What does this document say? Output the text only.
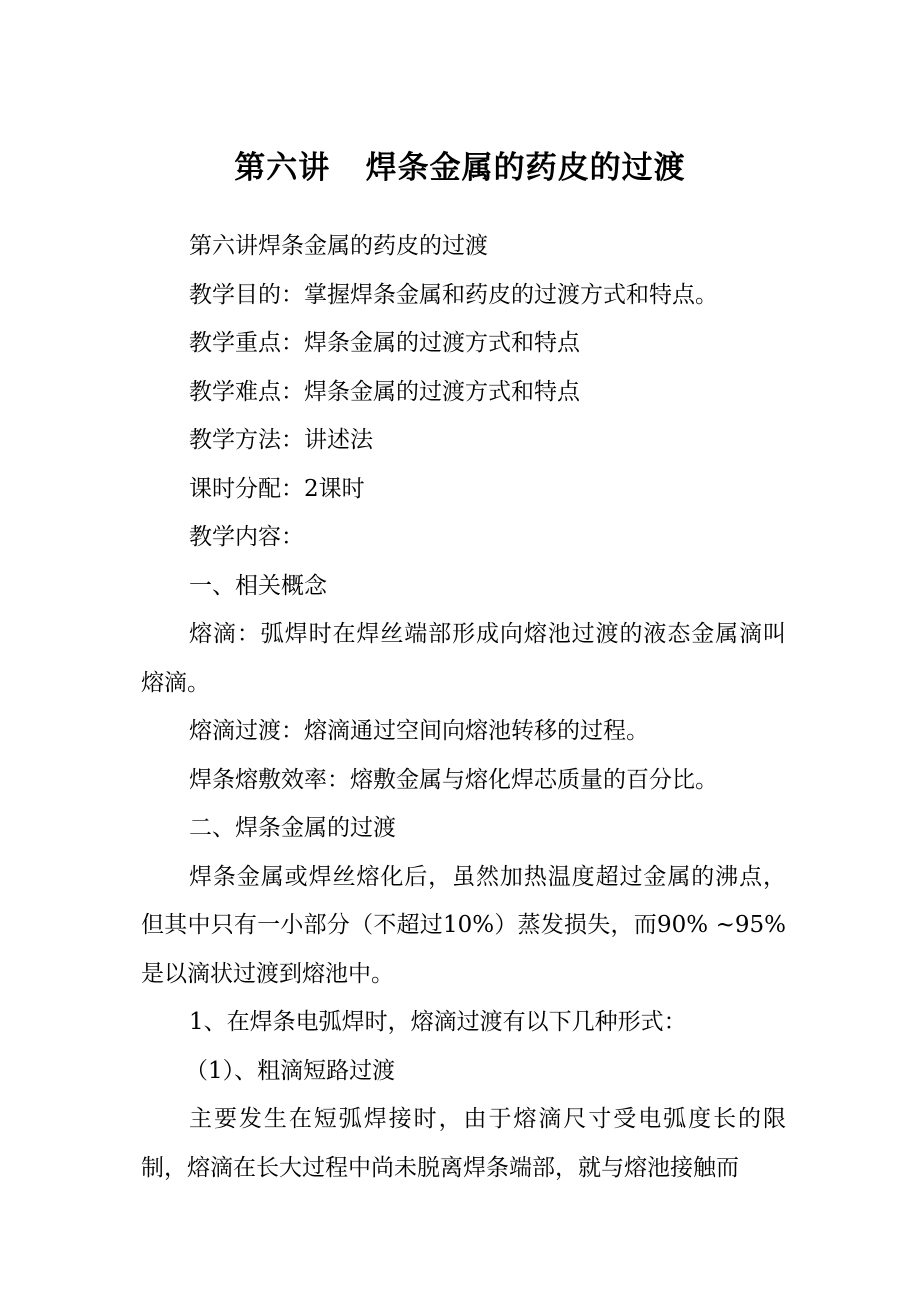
第六讲   焊条金属的药皮的过渡

第六讲焊条金属的药皮的过渡

教学目的：掌握焊条金属和药皮的过渡方式和特点。

教学重点：焊条金属的过渡方式和特点

教学难点：焊条金属的过渡方式和特点

教学方法：讲述法

课时分配：2课时

教学内容：

一、相关概念

熔滴：弧焊时在焊丝端部形成向熔池过渡的液态金属滴叫熔滴。

熔滴过渡：熔滴通过空间向熔池转移的过程。

焊条熔敷效率：熔敷金属与熔化焊芯质量的百分比。

二、焊条金属的过渡

焊条金属或焊丝熔化后，虽然加热温度超过金属的沸点，但其中只有一小部分（不超过10%）蒸发损失，而90% ~95%是以滴状过渡到熔池中。

1、在焊条电弧焊时，熔滴过渡有以下几种形式：

（1）、粗滴短路过渡

主要发生在短弧焊接时，由于熔滴尺寸受电弧度长的限制，熔滴在长大过程中尚未脱离焊条端部，就与熔池接触而
